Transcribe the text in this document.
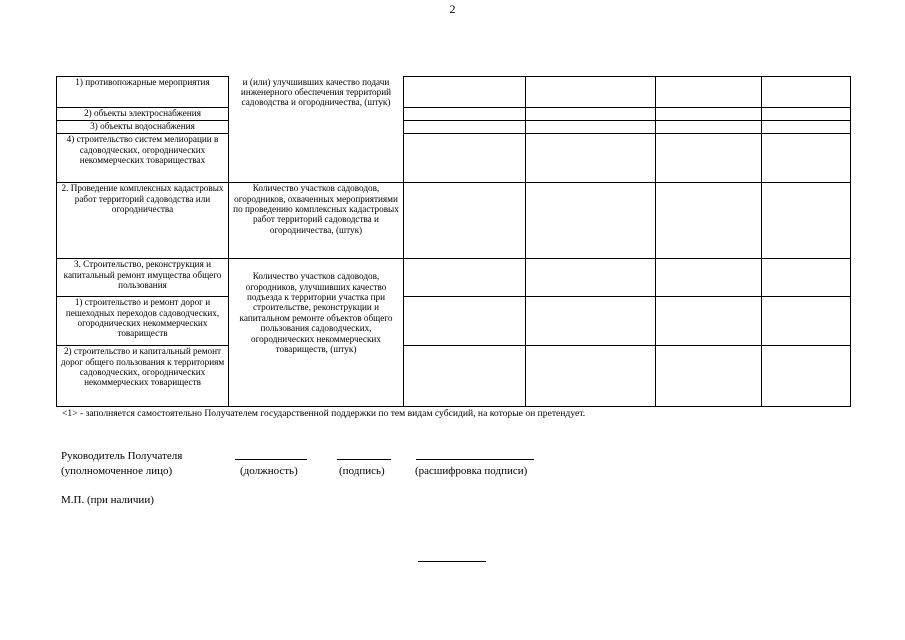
2
1) противопожарные мероприятия	и (или) улучшивших качество подачи инженерного обеспечения территорий садоводства и огородничества, (штук)				
2) объекты электроснабжения					
3) объекты водоснабжения					
4) строительство систем мелиорации в садоводческих, огороднических некоммерческих товариществах					
2. Проведение комплексных кадастровых работ территорий садоводства или огородничества	Количество участков садоводов, огородников, охваченных мероприятиями по проведению комплексных кадастровых работ территорий садоводства и огородничества, (штук)				
3. Строительство, реконструкция и капитальный ремонт имущества общего пользования	Количество участков садоводов, огородников, улучшивших качество подъезда к территории участка при строительстве, реконструкции и капитальном ремонте объектов общего пользования садоводческих, огороднических некоммерческих товариществ, (штук)				
1) строительство и ремонт дорог и пешеходных переходов садоводческих, огороднических некоммерческих товариществ					
2) строительство и капитальный ремонт дорог общего пользования к территориям садоводческих, огороднических некоммерческих товариществ					
<1> - заполняется самостоятельно Получателем государственной поддержки по тем видам субсидий, на которые он претендует.
Руководитель Получателя
(уполномоченное лицо)	(должность)	(подпись)	(расшифровка подписи)
М.П. (при наличии)
